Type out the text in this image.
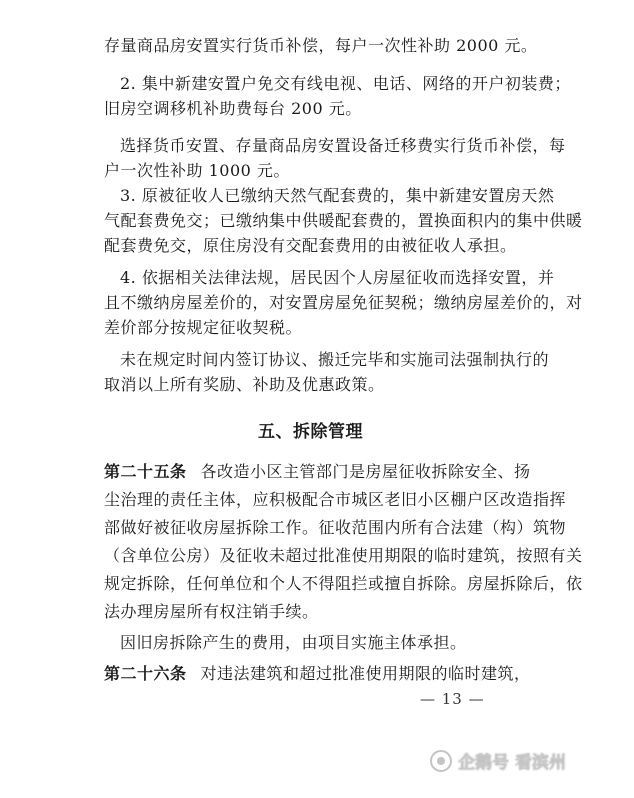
存量商品房安置实行货币补偿，每户一次性补助 2000 元。
2. 集中新建安置户免交有线电视、电话、网络的开户初装费；
旧房空调移机补助费每台 200 元。
选择货币安置、存量商品房安置设备迁移费实行货币补偿，每
户一次性补助 1000 元。
3. 原被征收人已缴纳天然气配套费的，集中新建安置房天然
气配套费免交；已缴纳集中供暖配套费的，置换面积内的集中供暖
配套费免交，原住房没有交配套费用的由被征收人承担。
4. 依据相关法律法规，居民因个人房屋征收而选择安置，并
且不缴纳房屋差价的，对安置房屋免征契税；缴纳房屋差价的，对
差价部分按规定征收契税。
未在规定时间内签订协议、搬迁完毕和实施司法强制执行的
取消以上所有奖励、补助及优惠政策。
五、拆除管理
第二十五条 各改造小区主管部门是房屋征收拆除安全、扬
尘治理的责任主体，应积极配合市城区老旧小区棚户区改造指挥
部做好被征收房屋拆除工作。征收范围内所有合法建（构）筑物
（含单位公房）及征收未超过批准使用期限的临时建筑，按照有关
规定拆除，任何单位和个人不得阻拦或擅自拆除。房屋拆除后，依
法办理房屋所有权注销手续。
因旧房拆除产生的费用，由项目实施主体承担。
第二十六条 对违法建筑和超过批准使用期限的临时建筑，
— 13 —
企鹅号 看滨州
